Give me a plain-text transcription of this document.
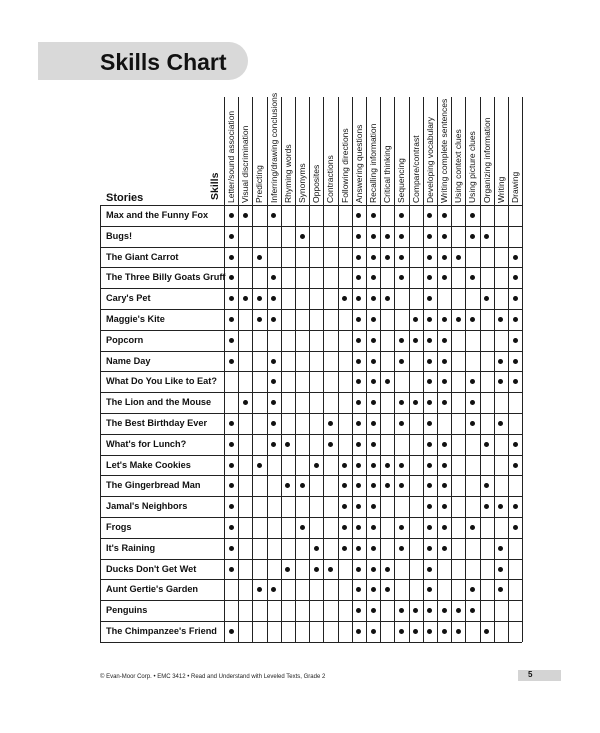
Skills Chart
Stories	Skills Letter/sound association Visual discrimination Predicting Inferring/drawing conclusions Rhyming words Synonyms Opposites Contractions Following directions Answering questions Recalling information Critical thinking Sequencing Compare/contrast Developing vocabulary Writing complete sentences Using context clues Using picture clues Organizing information Writing Drawing
Max and the Funny Fox
Bugs!
The Giant Carrot
The Three Billy Goats Gruff
Cary's Pet
Maggie's Kite
Popcorn
Name Day
What Do You Like to Eat?
The Lion and the Mouse
The Best Birthday Ever
What's for Lunch?
Let's Make Cookies
The Gingerbread Man
Jamal's Neighbors
Frogs
It's Raining
Ducks Don't Get Wet
Aunt Gertie's Garden
Penguins
The Chimpanzee's Friend
© Evan-Moor Corp. • EMC 3412 • Read and Understand with Leveled Texts, Grade 2	5
